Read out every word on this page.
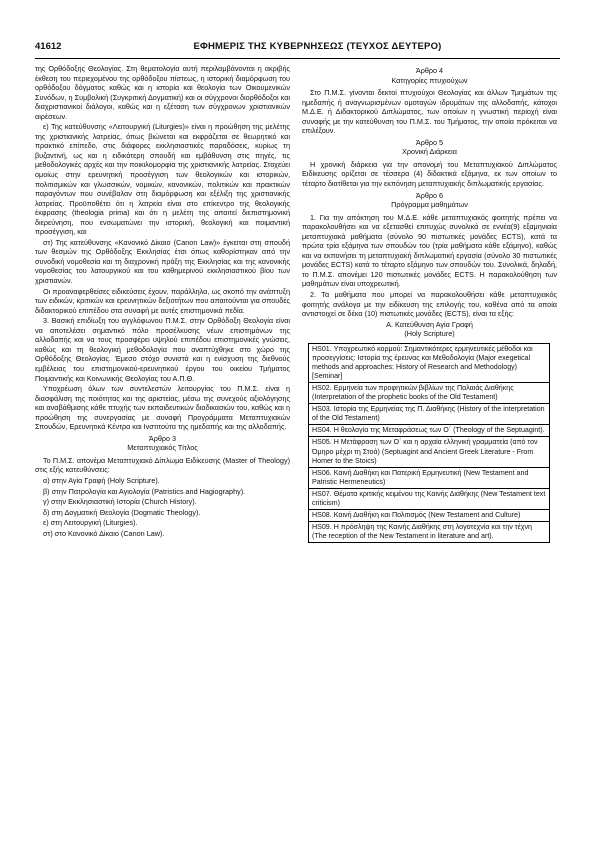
41612	ΕΦΗΜΕΡΙΣ ΤΗΣ ΚΥΒΕΡΝΗΣΕΩΣ (ΤΕΥΧΟΣ ΔΕΥΤΕΡΟ)

της Ορθόδοξης Θεολογίας. Στη θεματολογία αυτή περιλαμβάνονται η ακριβής έκθεση του περιεχομένου της ορθόδοξου πίστεως, η ιστορική διαμόρφωση του ορθόδοξου δόγματος καθώς και η ιστορία και θεολογία των Οικουμενικών Συνόδων, η Συμβολική (Συγκριτική Δογματική) και οι σύγχρονοι διορθόδοξοι και διαχριστιανικοί διάλογοι, καθώς και η εξέταση των σύγχρονων χριστιανικών αιρέσεων.

ε) Της κατεύθυνσης «Λειτουργική (Liturgies)» είναι η προώθηση της μελέτης της χριστιανικής λατρείας, όπως βιώνεται και εκφράζεται σε θεωρητικό και πρακτικό επίπεδο, στις διάφορες εκκλησιαστικές παραδόσεις, κυρίως τη βυζαντινή, ως και η ειδικότερη σπουδή και εμβάθυνση στις πηγές, τις μεθοδολογικές αρχές και την ποικιλομορφία της χριστιανικής λατρείας. Στοχεύει ομοίως στην ερευνητική προσέγγιση των θεολογικών και ιστορικών, πολιτισμικών και γλωσσικών, νομικών, κανονικών, πολιτικών και πρακτικών παραγόντων που συνέβαλαν στη διαμόρφωση και εξέλιξη της χριστιανικής λατρείας. Προϋποθέτει ότι η λατρεία είναι στο επίκεντρο της θεολογικής έκφρασης (theologia prima) και ότι η μελέτη της απαιτεί διεπιστημονική διερεύνηση, που ενσωματώνει την ιστορική, θεολογική και ποιμαντική προσέγγιση, και

στ) Της κατεύθυνσης «Κανονικό Δίκαιο (Canon Law)» έγκειται στη σπουδή των θεσμών της Ορθόδοξης Εκκλησίας έτσι όπως καθορίστηκαν από την συνοδική νομοθεσία και τη διαχρονική πράξη της Εκκλησίας και της κανονικής νομοθεσίας του λατουργικού και του καθημερινού εκκλησιαστικού βίου των χριστιανών.

Οι προαναφερθείσες ειδικεύσεις έχουν, παράλληλα, ως σκοπό την ανάπτυξη των ειδικών, κριτικών και ερευνητικών δεξιοτήτων που απαιτούνται για σπουδές διδακτορικού επιπέδου στα συναφή με αυτές επιστημονικά πεδία.

3. Βασική επιδίωξη του αγγλόφωνου Π.Μ.Σ. στην Ορθόδοξη Θεολογία είναι να αποτελέσει σημαντικό πόλο προσέλκυσης νέων επιστημόνων της αλλοδαπής και να τους προσφέρει υψηλού επιπέδου επιστημονικές γνώσεις, καθώς και τη θεολογική μεθοδολογία που αναπτύχθηκε στο χώρο της Ορθόδοξης Θεολογίας. Έμεσο στόχο συνιστά και η ενίσχυση της διεθνούς εμβέλειας του επιστημονικού-ερευνητικού έργου του οικείου Τμήματος Ποιμαντικής και Κοινωνικής Θεολογίας του Α.Π.Θ.

Υποχρέωση όλων των συντελεστών λειτουργίας του Π.Μ.Σ. είναι η διασφάλιση της ποιότητας και της αριστείας, μέσω της συνεχούς αξιολόγησης και αναβάθμισης κάθε πτυχής των εκπαιδευτικών διαδικασιών του, καθώς και η προώθηση της συνεργασίας με συναφή Προγράμματα Μεταπτυχιακών Σπουδών, Ερευνητικά Κέντρα και Ινστιτούτα της ημεδαπής και της αλλοδαπής.

Άρθρο 3
Μεταπτυχιακός Τίτλος

Το Π.Μ.Σ. απονέμα Μεταπτυχιακό Δίπλωμα Ειδίκευσης (Master of Theology) στις εξής κατευθύνσεις:

α) στην Αγία Γραφή (Holy Scripture).

β) στην Πατρολογία και Αγιολογία (Patristics and Hagiography).

γ) στην Εκκλησιαστική Ιστορία (Church History).

δ) στη Δογματική Θεολογία (Dogmatic Theology).

ε) στη Λειτουργική (Liturgies).

στ) στο Κανονικό Δίκαιο (Canon Law).

Άρθρο 4
Κατηγορίες πτυχιούχων

Στο Π.Μ.Σ. γίνονται δεκτοί πτυχιούχοι Θεολογίας και άλλων Τμημάτων της ημεδαπής ή αναγνωρισμένων ομοταγών ιδρυμάτων της αλλοδαπής, κάτοχοι Μ.Δ.Ε. ή Διδακτορικού Διπλώματος, των οποίων η γνωστική περιοχή είναι συναφής με την κατεύθυνση του Π.Μ.Σ. του Τμήματος, την οποία πρόκειται να επιλέξουν.

Άρθρο 5
Χρονική Διάρκεια

Η χρονική διάρκεια για την απονομή του Μεταπτυχιακού Διπλώματος Ειδίκευσης ορίζεται σε τέσσερα (4) διδακτικά εξάμηνα, εκ των οποίων το τέταρτο διατίθεται για την εκπόνηση μεταπτυχιακής διπλωματικής εργασίας.

Άρθρο 6
Πρόγραμμα μαθημάτων

1. Για την απόκτηση του Μ.Δ.Ε. κάθε μεταπτυχιακός φοιτητής πρέπει να παρακολουθήσει και να εξετασθεί επιτυχώς συνολικά σε εννέα(9) εξαμηνιαία μεταπτυχιακά μαθήματα (σύνολο 90 πιστωτικές μονάδες ECTS), κατά τα πρώτα τρία εξάμηνα των σπουδών του (τρία μαθήματα κάθε εξάμηνο), καθώς και να εκπονήσει τη μεταπτυχιακή διπλωματική εργασία (σύνολο 30 πιστωτικές μονάδες ECTS) κατά το τέταρτο εξάμηνο των σπουδών του. Συνολικά, δηλαδή, το Π.Μ.Σ. απονέμει 120 πιστωτικές μονάδες ECTS. Η παρακολούθηση των μαθημάτων είναι υποχρεωτική.

2. Τα μαθήματα που μπορεί να παρακολουθήσει κάθε μεταπτυχιακός φοιτητής ανάλογα με την ειδίκευση της επιλογής του, καθένα από τα οποία αντιστοιχεί σε δέκα (10) πιστωτικές μονάδες (ECTS), είναι τα εξής:

Α. Κατεύθυνση Αγία Γραφή
(Holy Scripture)
HS01. Υποχρεωτικό κορμού: Σημαντικότερες ερμηνευτικές μέθοδοι και προσεγγίσεις: Ιστορία της έρευνας και Μεθοδολογία (Major exegetical methods and approaches: History of Research and Methodology) [Seminar]
HS02. Ερμηνεία των προφητικών βιβλίων της Παλαιάς Διαθήκης (Interpretation of the prophetic books of the Old Testament)
HS03. Ιστορία της Ερμηνείας της Π. Διαθήκης (History of the interpretation of the Old Testament)
HS04. Η θεολογία της Μεταφράσεως των Ο΄ (Theology of the Septuagint).
HS05. Η Μετάφραση των Ο΄ και η αρχαία ελληνική γραμματεία (από τον Όμηρο μέχρι τη Στοά) (Septuagint and Ancient Greek Literature - From Homer to the Stoics)
HS06. Καινή Διαθήκη και Πατερική Ερμηνευτική (New Testament and Patristic Hermeneutics)
HS07. Θέματα κριτικής κειμένου της Καινής Διαθήκης (New Testament text criticism)
HS08. Καινή Διαθήκη και Πολιτισμός (New Testament and Culture)
HS09. Η πρόσληψη της Καινής Διαθήκης στη λογοτεχνία και την τέχνη (The reception of the New Testament in literature and art).
